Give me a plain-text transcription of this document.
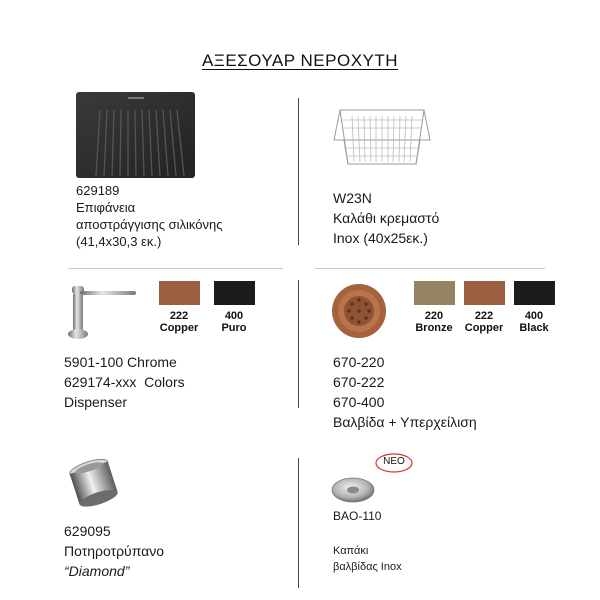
ΑΞΕΣΟΥΑΡ ΝΕΡΟΧΥΤΗ
629189
Επιφάνεια
αποστράγγισης σιλικόνης
(41,4x30,3 εκ.)
W23N
Καλάθι κρεμαστό
Inox (40x25εκ.)
222
Copper
400
Puro
5901-100 Chrome
629174-xxx  Colors
Dispenser
220
Bronze
222
Copper
400
Black
670-220
670-222
670-400
Βαλβίδα + Υπερχείλιση
629095
Ποτηροτρύπανο
“Diamond”
NEO
BAO-110
Καπάκι
βαλβίδας Inox
